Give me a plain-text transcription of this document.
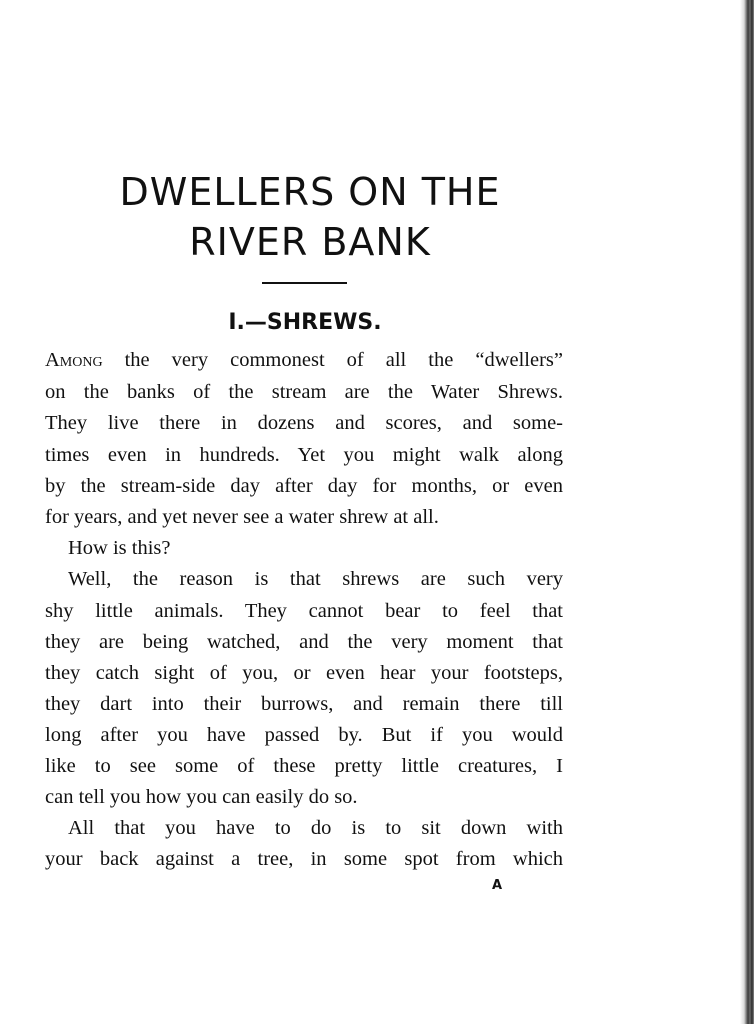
DWELLERS ON THE
RIVER BANK
I.—SHREWS.
Among the very commonest of all the “dwellers”
on the banks of the stream are the Water Shrews.
They live there in dozens and scores, and some-
times even in hundreds. Yet you might walk along
by the stream-side day after day for months, or even
for years, and yet never see a water shrew at all.
How is this?
Well, the reason is that shrews are such very
shy little animals. They cannot bear to feel that
they are being watched, and the very moment that
they catch sight of you, or even hear your footsteps,
they dart into their burrows, and remain there till
long after you have passed by. But if you would
like to see some of these pretty little creatures, I
can tell you how you can easily do so.
All that you have to do is to sit down with
your back against a tree, in some spot from which
A
